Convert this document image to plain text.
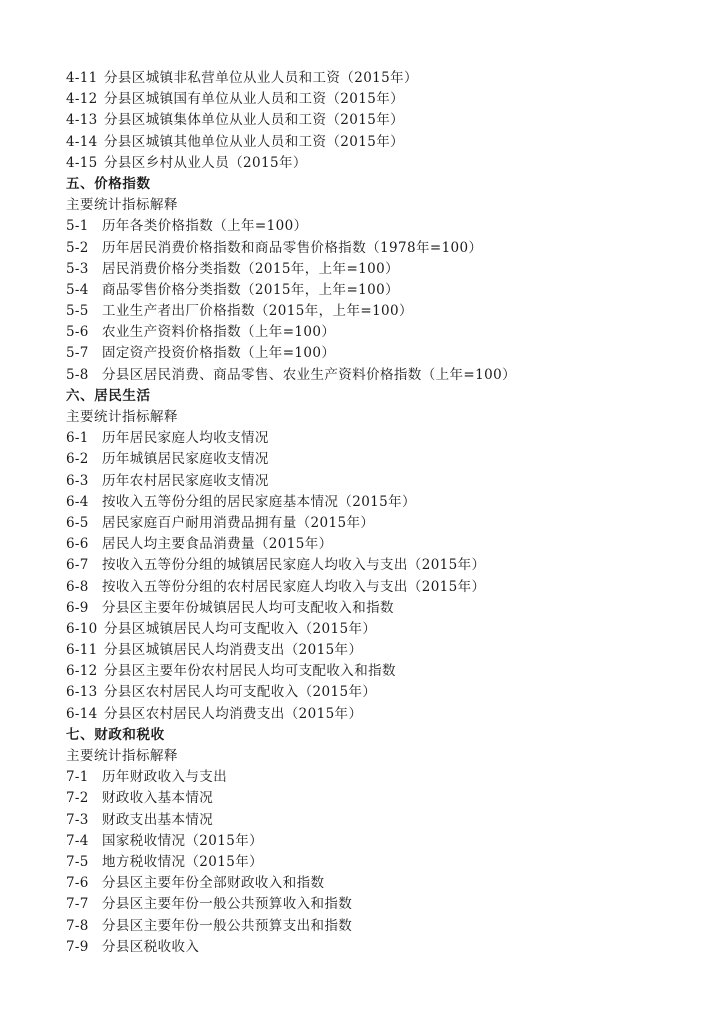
4-11 分县区城镇非私营单位从业人员和工资（2015年）
4-12 分县区城镇国有单位从业人员和工资（2015年）
4-13 分县区城镇集体单位从业人员和工资（2015年）
4-14 分县区城镇其他单位从业人员和工资（2015年）
4-15 分县区乡村从业人员（2015年）
五、价格指数
主要统计指标解释
5-1 历年各类价格指数（上年=100）
5-2 历年居民消费价格指数和商品零售价格指数（1978年=100）
5-3 居民消费价格分类指数（2015年，上年=100）
5-4 商品零售价格分类指数（2015年，上年=100）
5-5 工业生产者出厂价格指数（2015年，上年=100）
5-6 农业生产资料价格指数（上年=100）
5-7 固定资产投资价格指数（上年=100）
5-8 分县区居民消费、商品零售、农业生产资料价格指数（上年=100）
六、居民生活
主要统计指标解释
6-1 历年居民家庭人均收支情况
6-2 历年城镇居民家庭收支情况
6-3 历年农村居民家庭收支情况
6-4 按收入五等份分组的居民家庭基本情况（2015年）
6-5 居民家庭百户耐用消费品拥有量（2015年）
6-6 居民人均主要食品消费量（2015年）
6-7 按收入五等份分组的城镇居民家庭人均收入与支出（2015年）
6-8 按收入五等份分组的农村居民家庭人均收入与支出（2015年）
6-9 分县区主要年份城镇居民人均可支配收入和指数
6-10 分县区城镇居民人均可支配收入（2015年）
6-11 分县区城镇居民人均消费支出（2015年）
6-12 分县区主要年份农村居民人均可支配收入和指数
6-13 分县区农村居民人均可支配收入（2015年）
6-14 分县区农村居民人均消费支出（2015年）
七、财政和税收
主要统计指标解释
7-1 历年财政收入与支出
7-2 财政收入基本情况
7-3 财政支出基本情况
7-4 国家税收情况（2015年）
7-5 地方税收情况（2015年）
7-6 分县区主要年份全部财政收入和指数
7-7 分县区主要年份一般公共预算收入和指数
7-8 分县区主要年份一般公共预算支出和指数
7-9 分县区税收收入
